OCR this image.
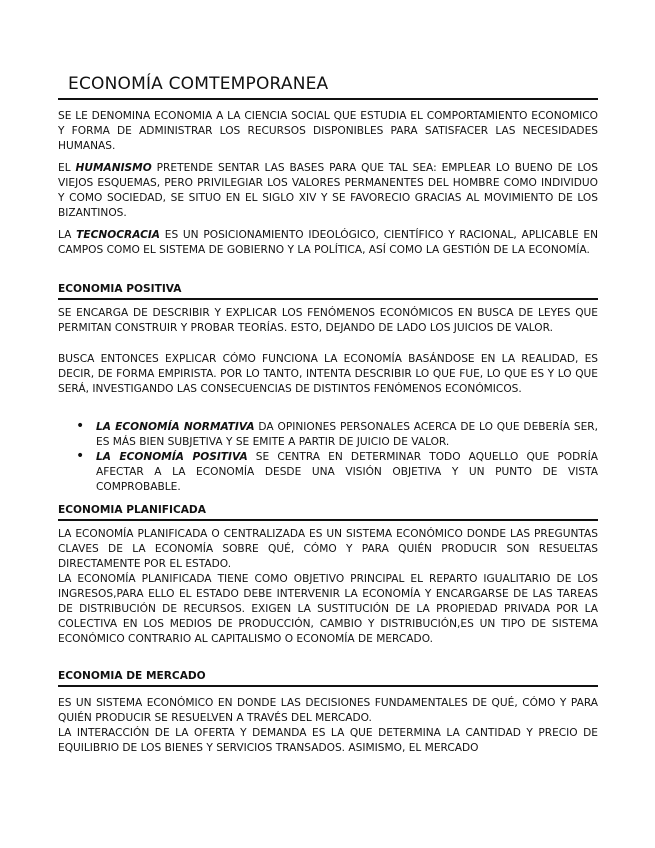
ECONOMÍA COMTEMPORANEA
SE LE DENOMINA ECONOMIA A LA CIENCIA SOCIAL QUE ESTUDIA EL COMPORTAMIENTO ECONOMICO Y FORMA DE ADMINISTRAR LOS RECURSOS DISPONIBLES PARA SATISFACER LAS NECESIDADES HUMANAS.
EL HUMANISMO PRETENDE SENTAR LAS BASES PARA QUE TAL SEA: EMPLEAR LO BUENO DE LOS VIEJOS ESQUEMAS, PERO PRIVILEGIAR LOS VALORES PERMANENTES DEL HOMBRE COMO INDIVIDUO Y COMO SOCIEDAD, SE SITUO EN EL SIGLO XIV Y SE FAVORECIO GRACIAS AL MOVIMIENTO DE LOS BIZANTINOS.
LA TECNOCRACIA ES UN POSICIONAMIENTO IDEOLÓGICO, CIENTÍFICO Y RACIONAL, APLICABLE EN CAMPOS COMO EL SISTEMA DE GOBIERNO Y LA POLÍTICA, ASÍ COMO LA GESTIÓN DE LA ECONOMÍA.
ECONOMIA POSITIVA
SE ENCARGA DE DESCRIBIR Y EXPLICAR LOS FENÓMENOS ECONÓMICOS EN BUSCA DE LEYES QUE PERMITAN CONSTRUIR Y PROBAR TEORÍAS. ESTO, DEJANDO DE LADO LOS JUICIOS DE VALOR.
BUSCA ENTONCES EXPLICAR CÓMO FUNCIONA LA ECONOMÍA BASÁNDOSE EN LA REALIDAD, ES DECIR, DE FORMA EMPIRISTA. POR LO TANTO, INTENTA DESCRIBIR LO QUE FUE, LO QUE ES Y LO QUE SERÁ, INVESTIGANDO LAS CONSECUENCIAS DE DISTINTOS FENÓMENOS ECONÓMICOS.
• LA ECONOMÍA NORMATIVA DA OPINIONES PERSONALES ACERCA DE LO QUE DEBERÍA SER, ES MÁS BIEN SUBJETIVA Y SE EMITE A PARTIR DE JUICIO DE VALOR.
• LA ECONOMÍA POSITIVA SE CENTRA EN DETERMINAR TODO AQUELLO QUE PODRÍA AFECTAR A LA ECONOMÍA DESDE UNA VISIÓN OBJETIVA Y UN PUNTO DE VISTA COMPROBABLE.
ECONOMIA PLANIFICADA
LA ECONOMÍA PLANIFICADA O CENTRALIZADA ES UN SISTEMA ECONÓMICO DONDE LAS PREGUNTAS CLAVES DE LA ECONOMÍA SOBRE QUÉ, CÓMO Y PARA QUIÉN PRODUCIR SON RESUELTAS DIRECTAMENTE POR EL ESTADO.
LA ECONOMÍA PLANIFICADA TIENE COMO OBJETIVO PRINCIPAL EL REPARTO IGUALITARIO DE LOS INGRESOS,PARA ELLO EL ESTADO DEBE INTERVENIR LA ECONOMÍA Y ENCARGARSE DE LAS TAREAS DE DISTRIBUCIÓN DE RECURSOS. EXIGEN LA SUSTITUCIÓN DE LA PROPIEDAD PRIVADA POR LA COLECTIVA EN LOS MEDIOS DE PRODUCCIÓN, CAMBIO Y DISTRIBUCIÓN,ES UN TIPO DE SISTEMA ECONÓMICO CONTRARIO AL CAPITALISMO O ECONOMÍA DE MERCADO.
ECONOMIA DE MERCADO
ES UN SISTEMA ECONÓMICO EN DONDE LAS DECISIONES FUNDAMENTALES DE QUÉ, CÓMO Y PARA QUIÉN PRODUCIR SE RESUELVEN A TRAVÉS DEL MERCADO.
LA INTERACCIÓN DE LA OFERTA Y DEMANDA ES LA QUE DETERMINA LA CANTIDAD Y PRECIO DE EQUILIBRIO DE LOS BIENES Y SERVICIOS TRANSADOS. ASIMISMO, EL MERCADO
